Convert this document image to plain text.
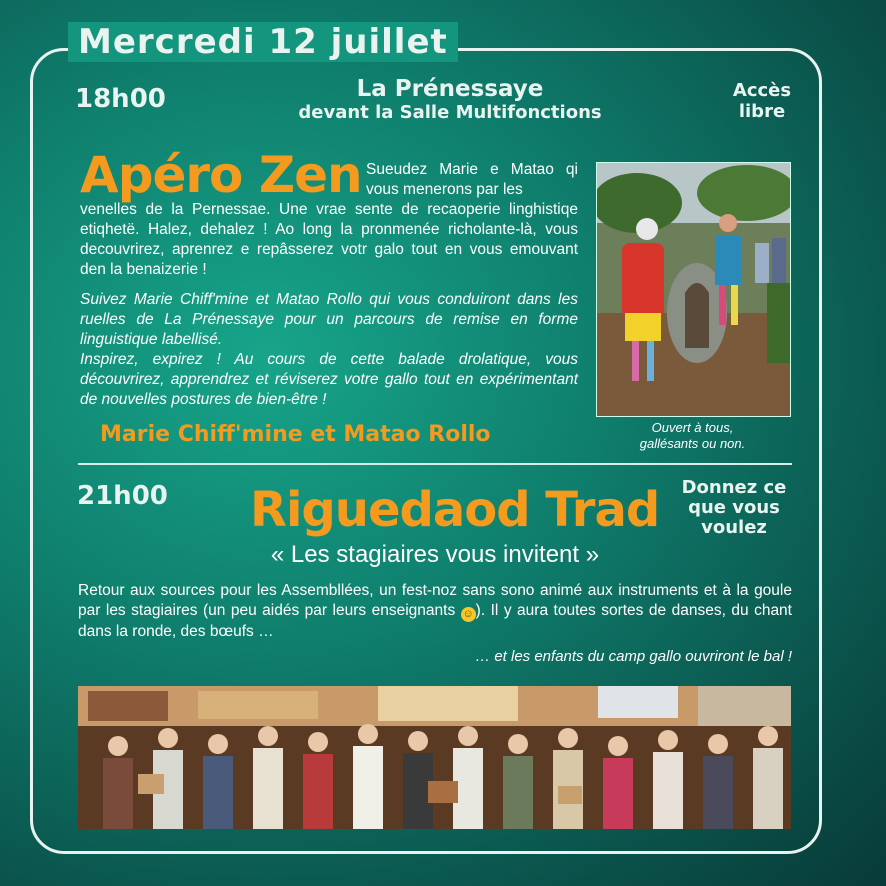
Mercredi 12 juillet
18h00	La Prénessaye
devant la Salle Multifonctions
Accès
libre
Sueudez Marie e Matao qi vous menerons par les
venelles de la Pernessae. Une vrae sente de recaoperie linghistiqe etiqhetë. Halez, dehalez ! Ao long la pronmenée richolante-là, vous decouvrirez, aprenrez e repâsserez votr galo tout en vous emouvant den la benaizerie !
Apéro Zen
Suivez Marie Chiff'mine et Matao Rollo qui vous conduiront dans les ruelles de La Prénessaye pour un parcours de remise en forme linguistique labellisé.
Inspirez, expirez ! Au cours de cette balade drolatique, vous découvrirez, apprendrez et réviserez votre gallo tout en expérimentant de nouvelles postures de bien-être !
Marie Chiff'mine et Matao Rollo	Ouvert à tous,
gallésants ou non.
21h00 Riguedaod Trad	Donnez ce
que vous
voulez
« Les stagiaires vous invitent »
Retour aux sources pour les Assembllées, un fest-noz sans sono animé aux instruments et à la goule par les stagiaires (un peu aidés par leurs enseignants ☺ ). Il y aura toutes sortes de danses, du chant dans la ronde, des bœufs …
… et les enfants du camp gallo ouvriront le bal !
